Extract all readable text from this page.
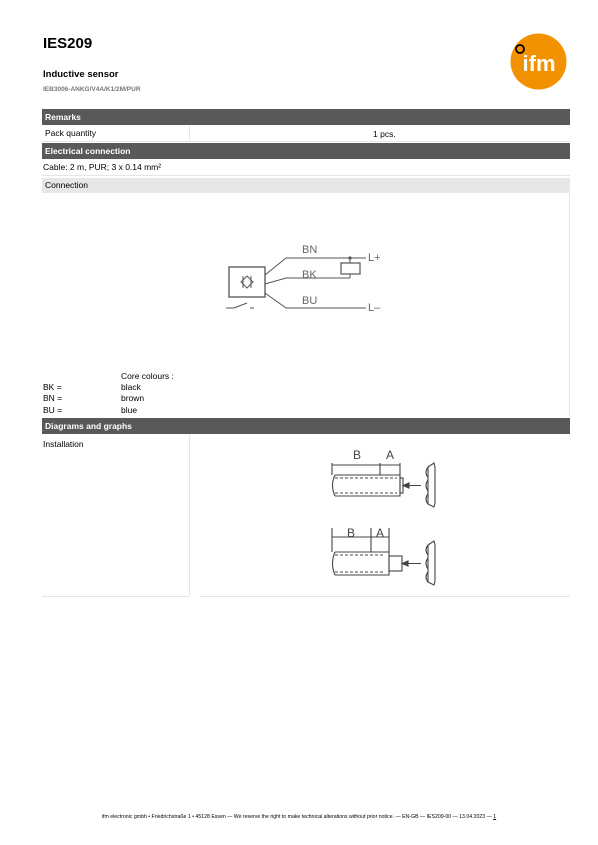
IES209
Inductive sensor
IEB3006-ANKG/V4A/K1/2M/PUR
ifm
Remarks
Pack quantity	1 pcs.
Electrical connection
Cable: 2 m, PUR; 3 x 0.14 mm²
Connection
BN
BK
BU
L+
L–
Core colours :
BK =	black
BN =	brown
BU =	blue
Diagrams and graphs
Installation
B A
B A
ifm electronic gmbh • Friedrichstraße 1 • 45128 Essen — We reserve the right to make technical alterations without prior notice. — EN-GB — IES209-00 — 13.04.2023 — 1
